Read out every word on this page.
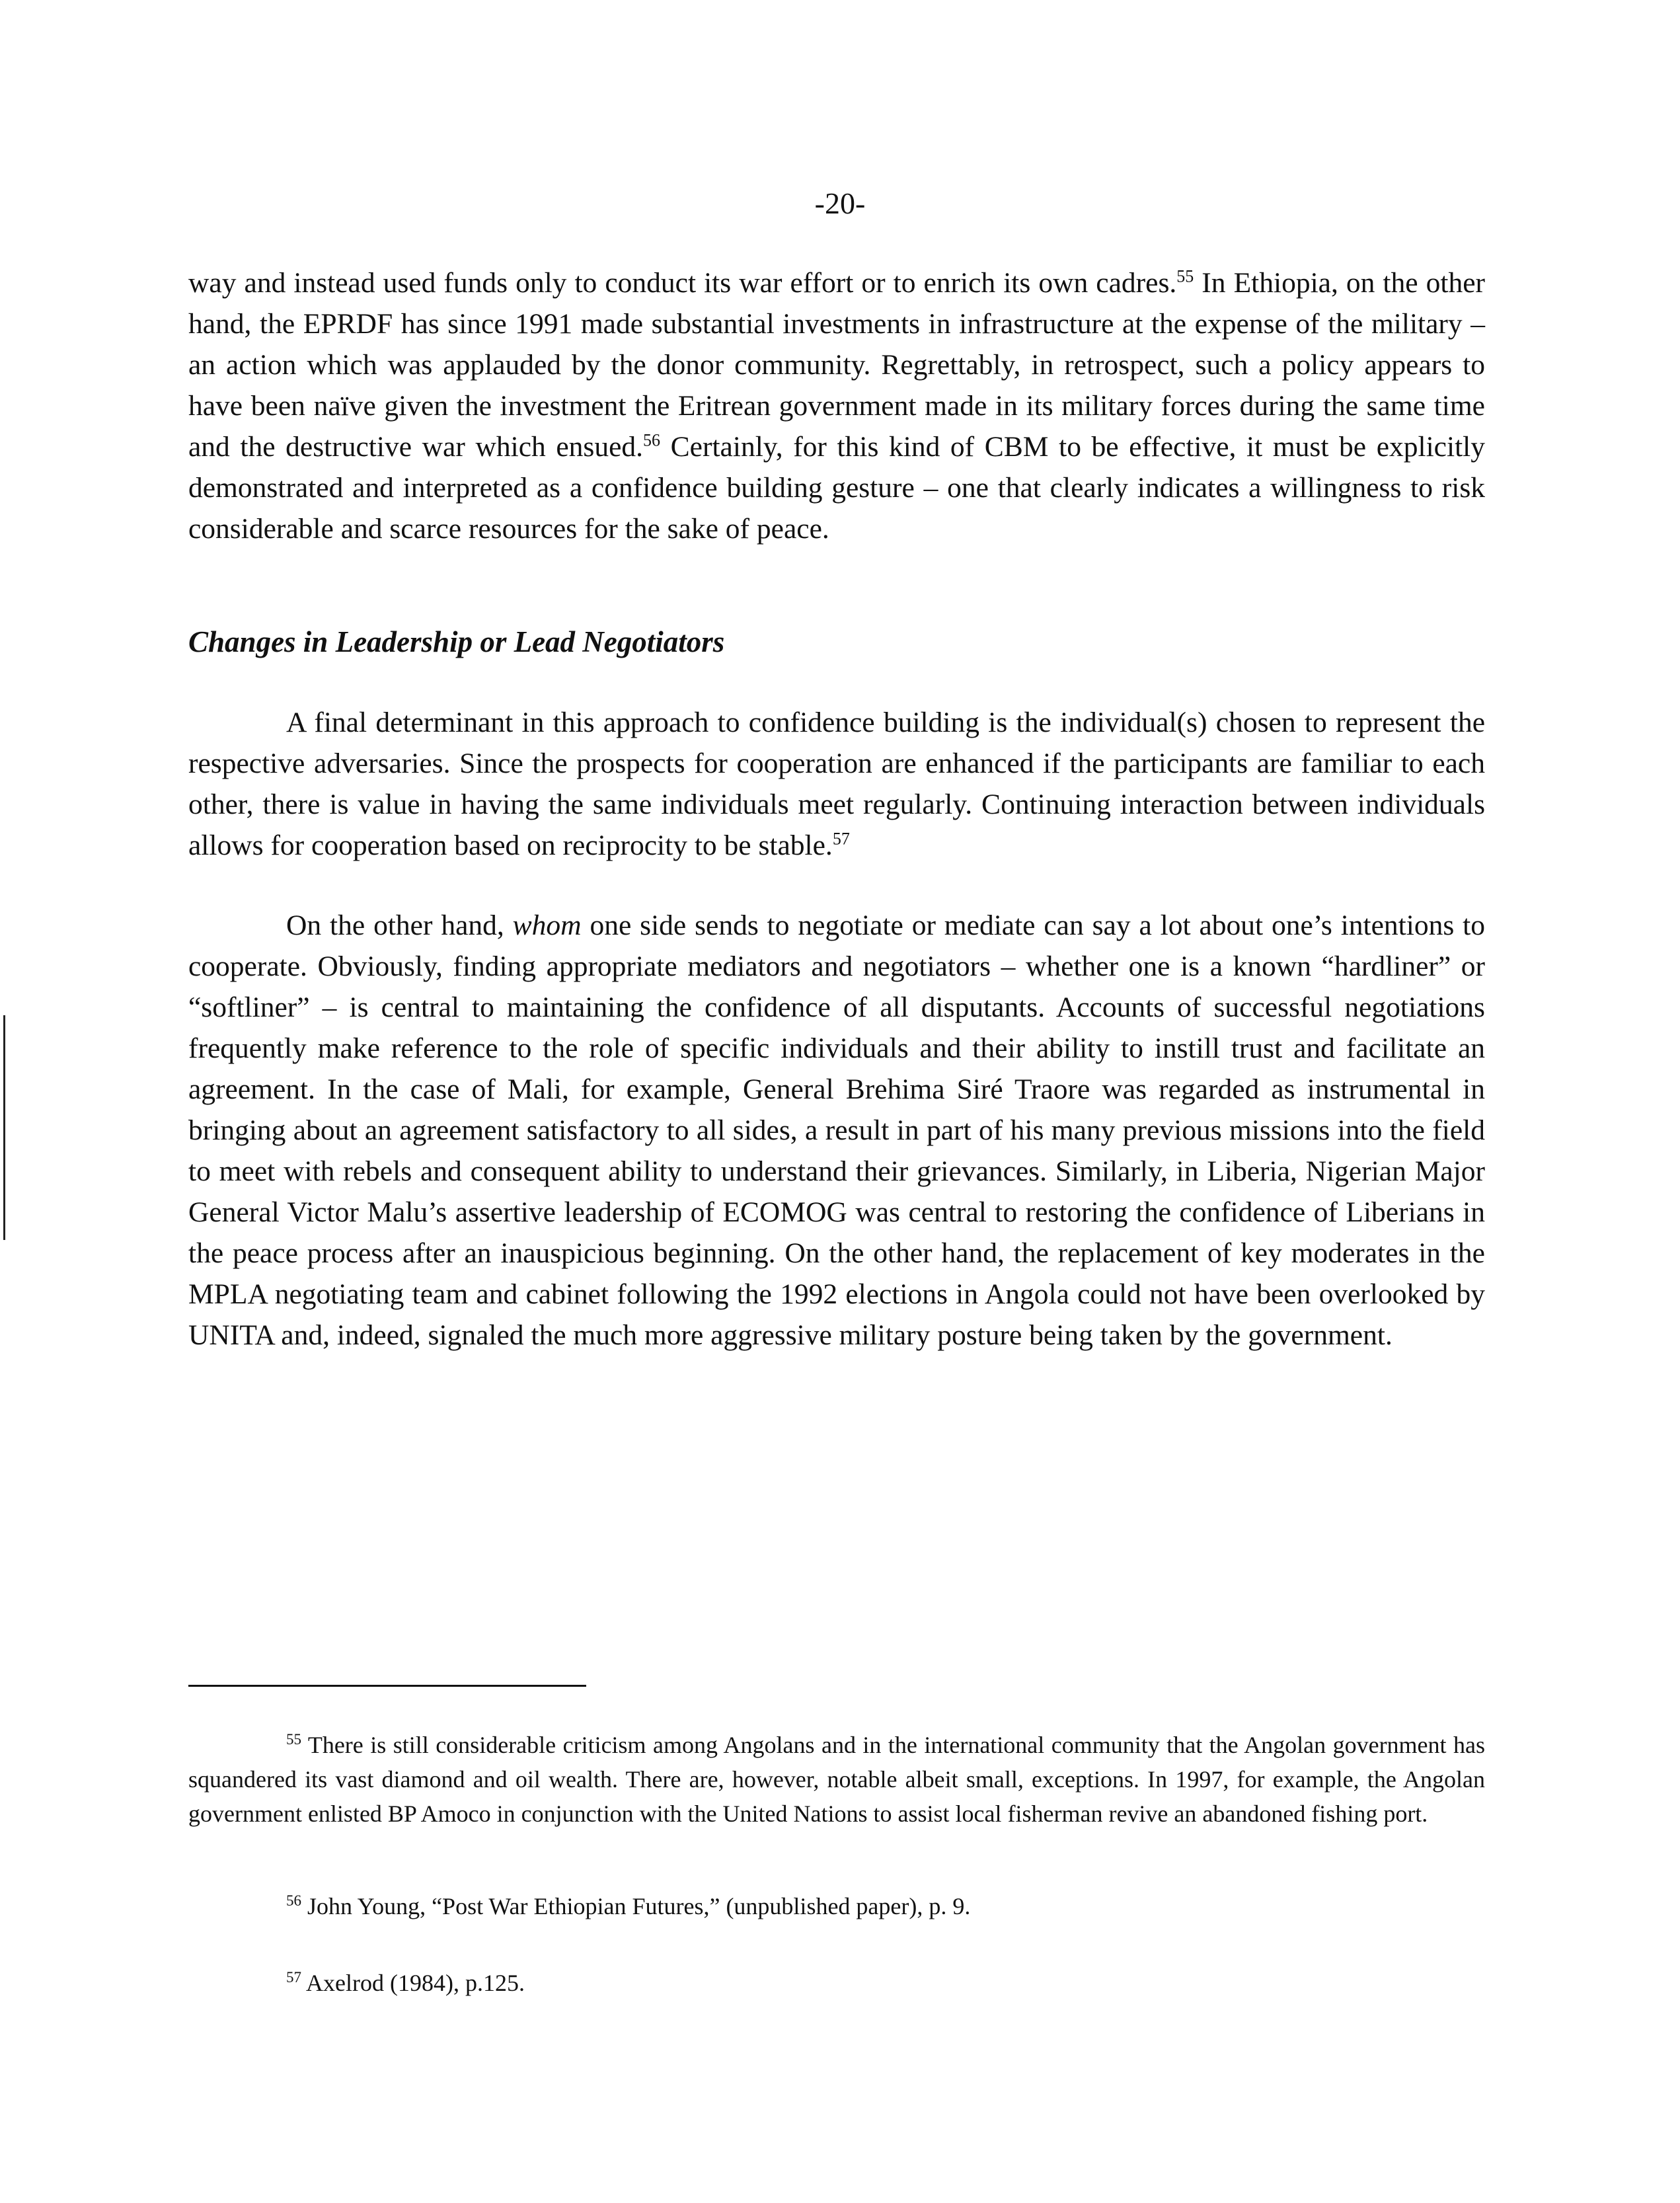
-20-

way and instead used funds only to conduct its war effort or to enrich its own cadres.$^{55}$ In Ethiopia, on the other hand, the EPRDF has since 1991 made substantial investments in infrastructure at the expense of the military – an action which was applauded by the donor community. Regrettably, in retrospect, such a policy appears to have been naïve given the investment the Eritrean government made in its military forces during the same time and the destructive war which ensued.$^{56}$ Certainly, for this kind of CBM to be effective, it must be explicitly demonstrated and interpreted as a confidence building gesture – one that clearly indicates a willingness to risk considerable and scarce resources for the sake of peace.

Changes in Leadership or Lead Negotiators

A final determinant in this approach to confidence building is the individual(s) chosen to represent the respective adversaries. Since the prospects for cooperation are enhanced if the participants are familiar to each other, there is value in having the same individuals meet regularly. Continuing interaction between individuals allows for cooperation based on reciprocity to be stable.$^{57}$

On the other hand, whom one side sends to negotiate or mediate can say a lot about one’s intentions to cooperate. Obviously, finding appropriate mediators and negotiators – whether one is a known “hardliner” or “softliner” – is central to maintaining the confidence of all disputants. Accounts of successful negotiations frequently make reference to the role of specific individuals and their ability to instill trust and facilitate an agreement. In the case of Mali, for example, General Brehima Siré Traore was regarded as instrumental in bringing about an agreement satisfactory to all sides, a result in part of his many previous missions into the field to meet with rebels and consequent ability to understand their grievances. Similarly, in Liberia, Nigerian Major General Victor Malu’s assertive leadership of ECOMOG was central to restoring the confidence of Liberians in the peace process after an inauspicious beginning. On the other hand, the replacement of key moderates in the MPLA negotiating team and cabinet following the 1992 elections in Angola could not have been overlooked by UNITA and, indeed, signaled the much more aggressive military posture being taken by the government.

$^{55}$ There is still considerable criticism among Angolans and in the international community that the Angolan government has squandered its vast diamond and oil wealth. There are, however, notable albeit small, exceptions. In 1997, for example, the Angolan government enlisted BP Amoco in conjunction with the United Nations to assist local fisherman revive an abandoned fishing port.

$^{56}$ John Young, “Post War Ethiopian Futures,” (unpublished paper), p. 9.

$^{57}$ Axelrod (1984), p.125.
